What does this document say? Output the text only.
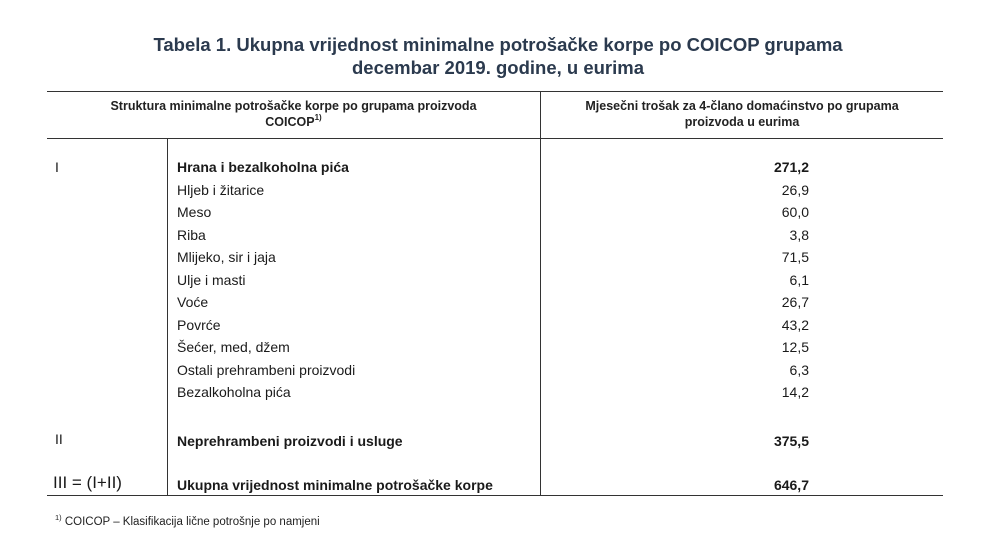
Tabela 1. Ukupna vrijednost minimalne potrošačke korpe po COICOP grupama
decembar 2019. godine, u eurima
Struktura minimalne potrošačke korpe po grupama proizvoda
COICOP$^{1)}$
Mjesečni trošak za 4-člano domaćinstvo po grupama
proizvoda u eurima
I	Hrana i bezalkoholna pića	271,2
Hljeb i žitarice	26,9
Meso	60,0
Riba	3,8
Mlijeko, sir i jaja	71,5
Ulje i masti	6,1
Voće	26,7
Povrće	43,2
Šećer, med, džem	12,5
Ostali prehrambeni proizvodi	6,3
Bezalkoholna pića	14,2
II	Neprehrambeni proizvodi i usluge	375,5
III = (I+II)	Ukupna vrijednost minimalne potrošačke korpe	646,7
$^{1)}$ COICOP – Klasifikacija lične potrošnje po namjeni
